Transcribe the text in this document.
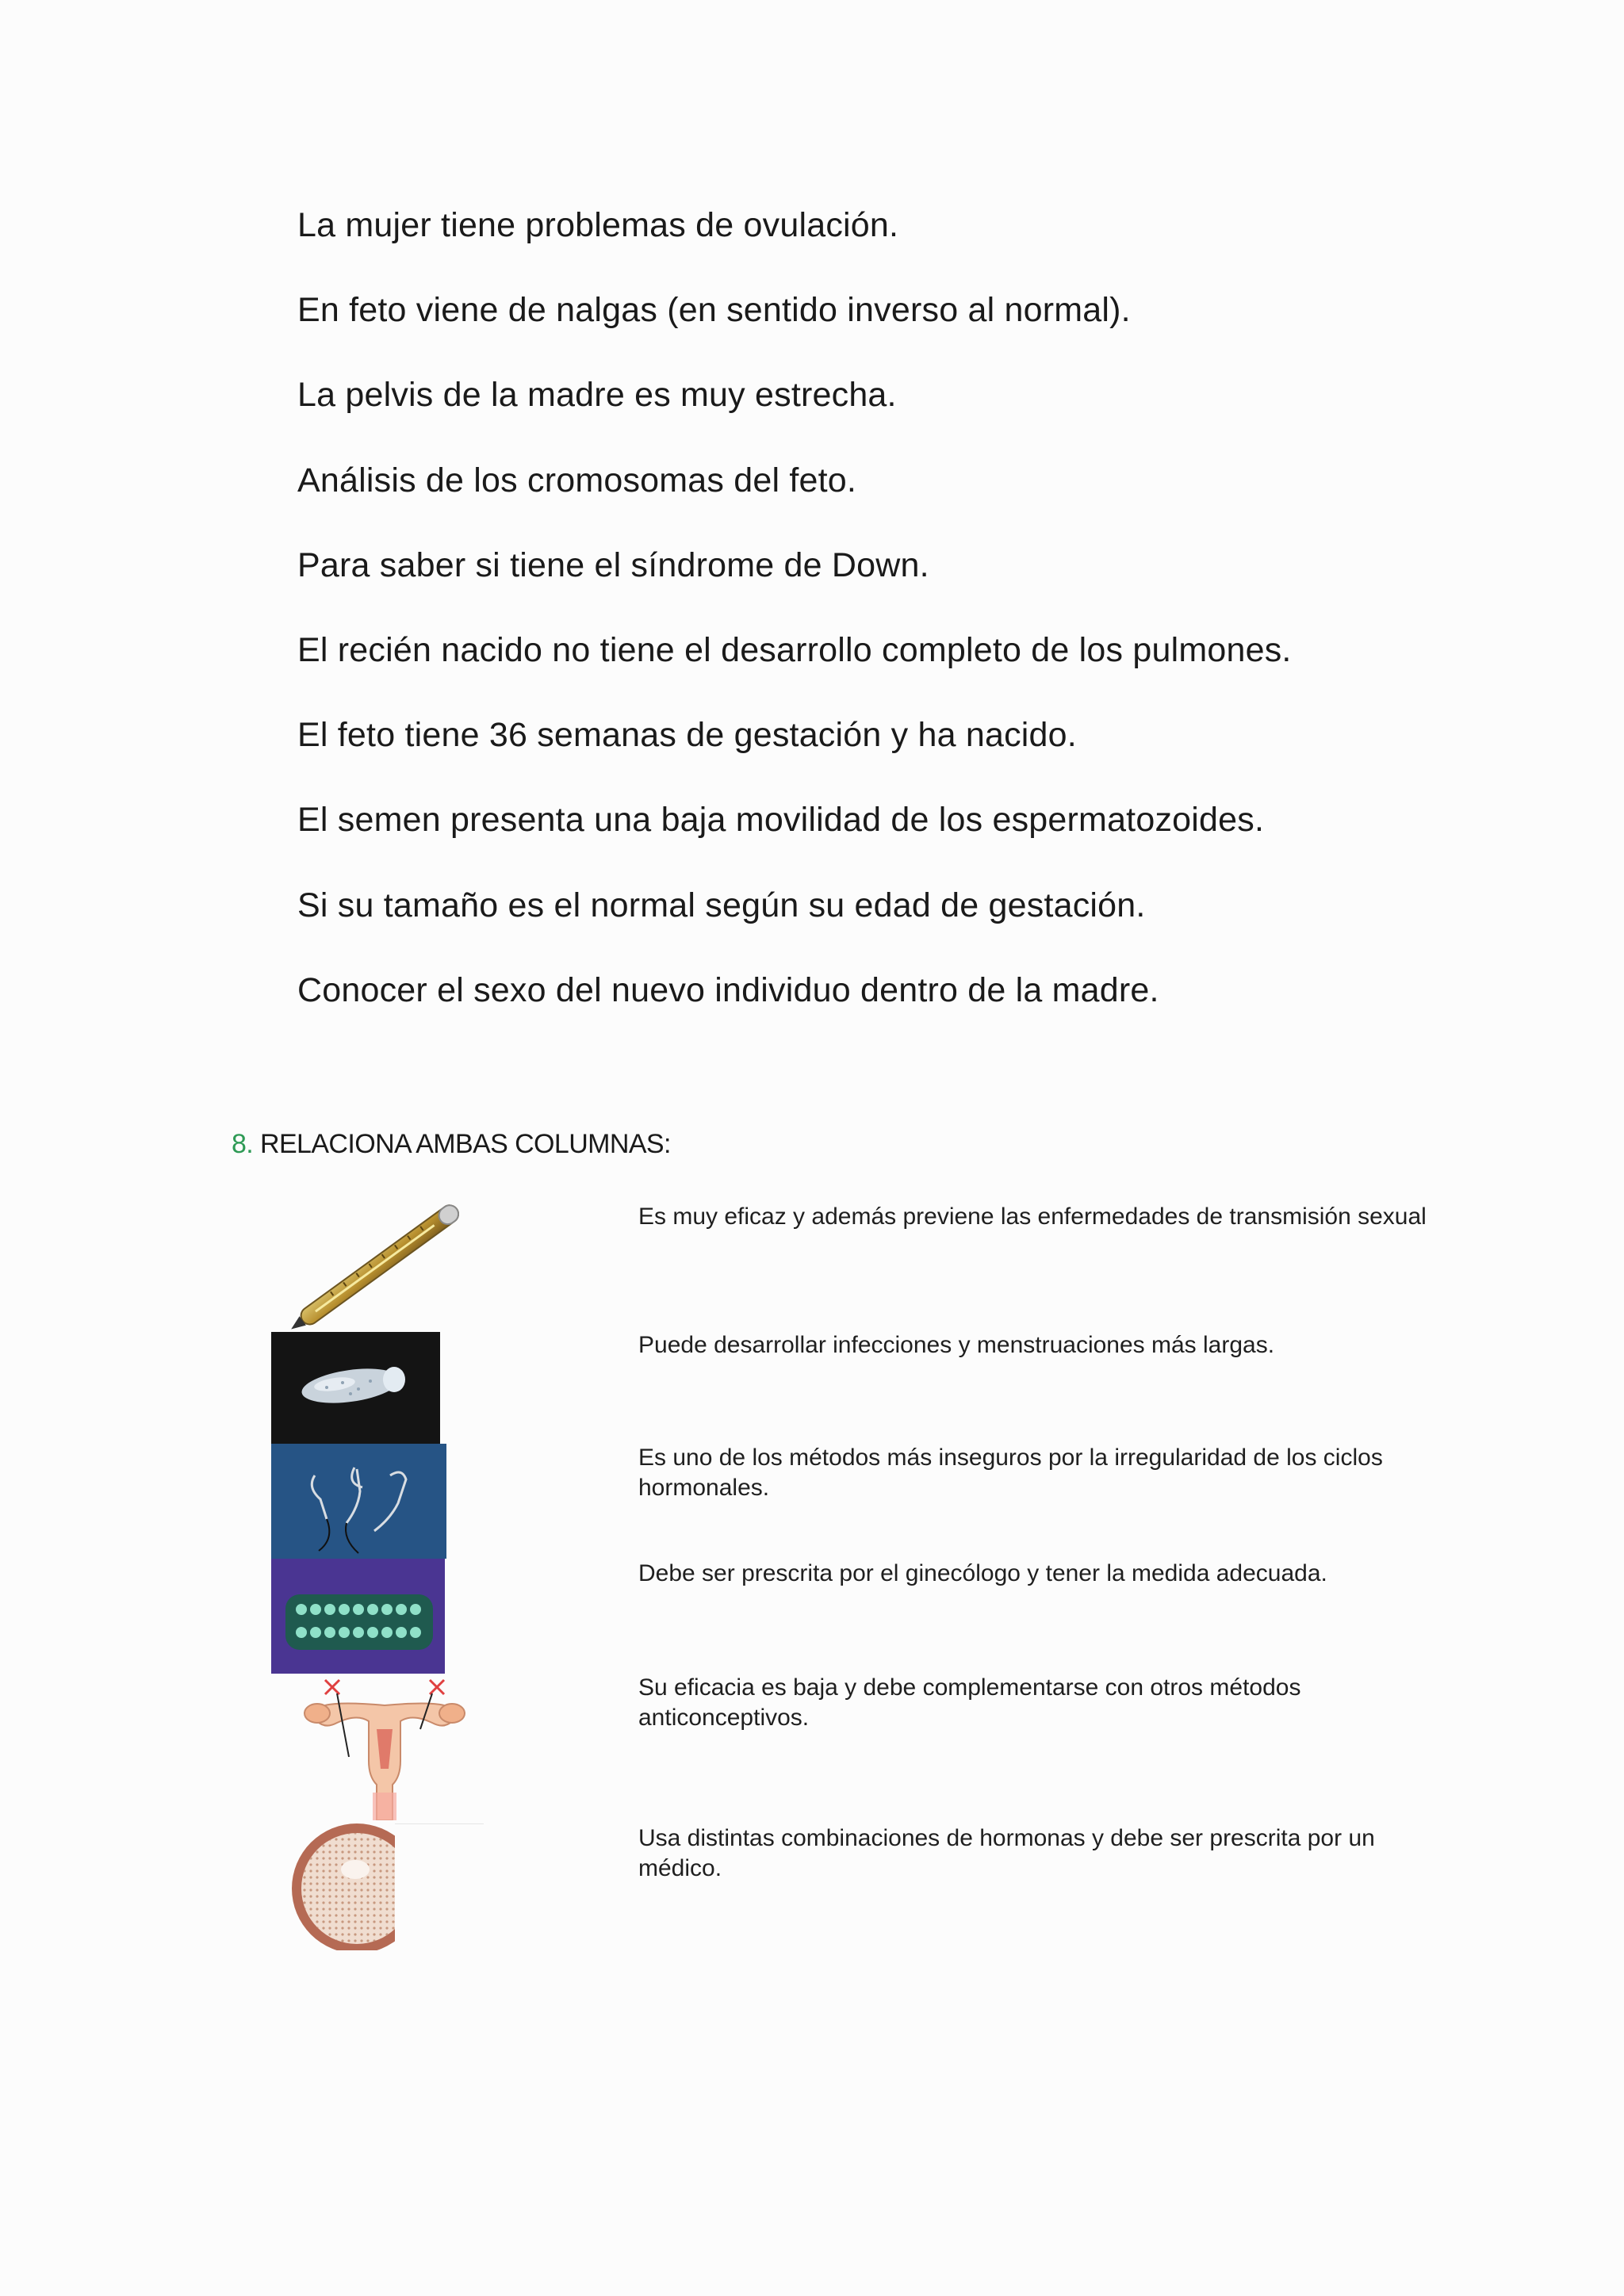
La mujer tiene problemas de ovulación.
En feto viene de nalgas (en sentido inverso al normal).
La pelvis de la madre es muy estrecha.
Análisis de los cromosomas del feto.
Para saber si tiene el síndrome de Down.
El recién nacido no tiene el desarrollo completo de los pulmones.
El feto tiene 36 semanas de gestación y ha nacido.
El semen presenta una baja movilidad de los espermatozoides.
Si su tamaño es el normal según su edad de gestación.
Conocer el sexo del nuevo individuo dentro de la madre.
8. RELACIONA AMBAS COLUMNAS:
Es muy eficaz y además previene las enfermedades de transmisión sexual
Puede desarrollar infecciones y menstruaciones más largas.
Es uno de los métodos más inseguros por la irregularidad de los ciclos hormonales.
Debe ser prescrita por el ginecólogo y tener la medida adecuada.
Su eficacia es baja y debe complementarse con otros métodos anticonceptivos.
Usa distintas combinaciones de hormonas y debe ser prescrita por un médico.
